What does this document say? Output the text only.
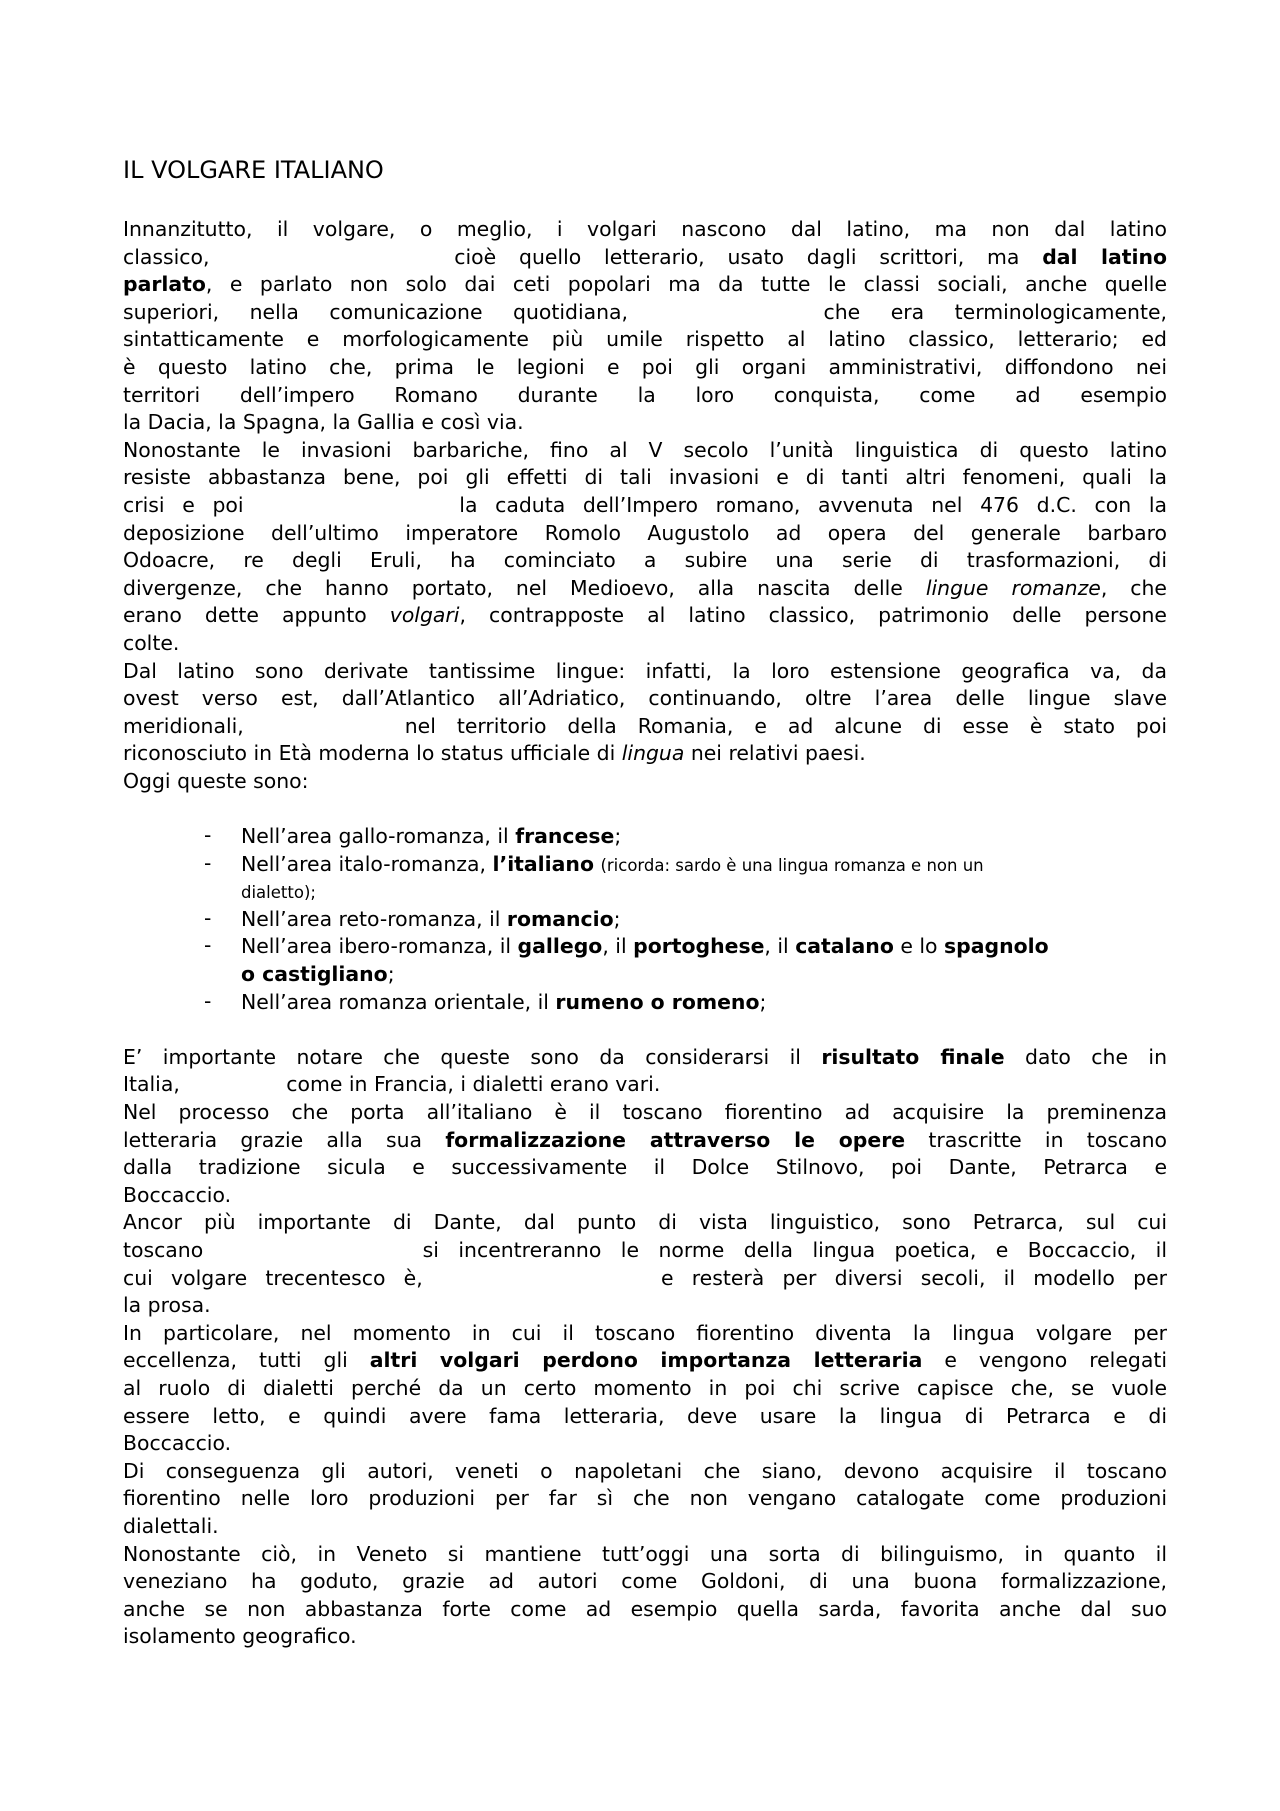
IL VOLGARE ITALIANO
Innanzitutto, il volgare, o meglio, i volgari nascono dal latino, ma non dal latino
classico,	cioè quello letterario, usato dagli scrittori, ma dal latino
parlato, e parlato non solo dai ceti popolari ma da tutte le classi sociali, anche quelle
superiori, nella comunicazione quotidiana,	che era terminologicamente,
sintatticamente e morfologicamente più umile rispetto al latino classico, letterario; ed
è questo latino che, prima le legioni e poi gli organi amministrativi, diffondono nei
territori dell’impero Romano durante la loro conquista, come ad esempio
la Dacia, la Spagna, la Gallia e così via.
Nonostante le invasioni barbariche, fino al V secolo l’unità linguistica di questo latino
resiste abbastanza bene, poi gli effetti di tali invasioni e di tanti altri fenomeni, quali la
crisi e poi	la caduta dell’Impero romano, avvenuta nel 476 d.C. con la
deposizione dell’ultimo imperatore Romolo Augustolo ad opera del generale barbaro
Odoacre, re degli Eruli, ha cominciato a subire una serie di trasformazioni, di
divergenze, che hanno portato, nel Medioevo, alla nascita delle lingue romanze, che
erano dette appunto volgari, contrapposte al latino classico, patrimonio delle persone
colte.
Dal latino sono derivate tantissime lingue: infatti, la loro estensione geografica va, da
ovest verso est, dall’Atlantico all’Adriatico, continuando, oltre l’area delle lingue slave
meridionali,	nel territorio della Romania, e ad alcune di esse è stato poi
riconosciuto in Età moderna lo status ufficiale di lingua nei relativi paesi.
Oggi queste sono:
- Nell’area gallo-romanza, il francese;
- Nell’area italo-romanza, l’italiano (ricorda: sardo è una lingua romanza e non un
dialetto);
- Nell’area reto-romanza, il romancio;
- Nell’area ibero-romanza, il gallego, il portoghese, il catalano e lo spagnolo
o castigliano;
- Nell’area romanza orientale, il rumeno o romeno;
E’ importante notare che queste sono da considerarsi il risultato finale dato che in
Italia,	come in Francia, i dialetti erano vari.
Nel processo che porta all’italiano è il toscano fiorentino ad acquisire la preminenza
letteraria grazie alla sua formalizzazione attraverso le opere trascritte in toscano
dalla tradizione sicula e successivamente il Dolce Stilnovo, poi Dante, Petrarca e
Boccaccio.
Ancor più importante di Dante, dal punto di vista linguistico, sono Petrarca, sul cui
toscano	si incentreranno le norme della lingua poetica, e Boccaccio, il
cui volgare trecentesco è,	e resterà per diversi secoli, il modello per
la prosa.
In particolare, nel momento in cui il toscano fiorentino diventa la lingua volgare per
eccellenza, tutti gli altri volgari perdono importanza letteraria e vengono relegati
al ruolo di dialetti perché da un certo momento in poi chi scrive capisce che, se vuole
essere letto, e quindi avere fama letteraria, deve usare la lingua di Petrarca e di
Boccaccio.
Di conseguenza gli autori, veneti o napoletani che siano, devono acquisire il toscano
fiorentino nelle loro produzioni per far sì che non vengano catalogate come produzioni
dialettali.
Nonostante ciò, in Veneto si mantiene tutt’oggi una sorta di bilinguismo, in quanto il
veneziano ha goduto, grazie ad autori come Goldoni, di una buona formalizzazione,
anche se non abbastanza forte come ad esempio quella sarda, favorita anche dal suo
isolamento geografico.
